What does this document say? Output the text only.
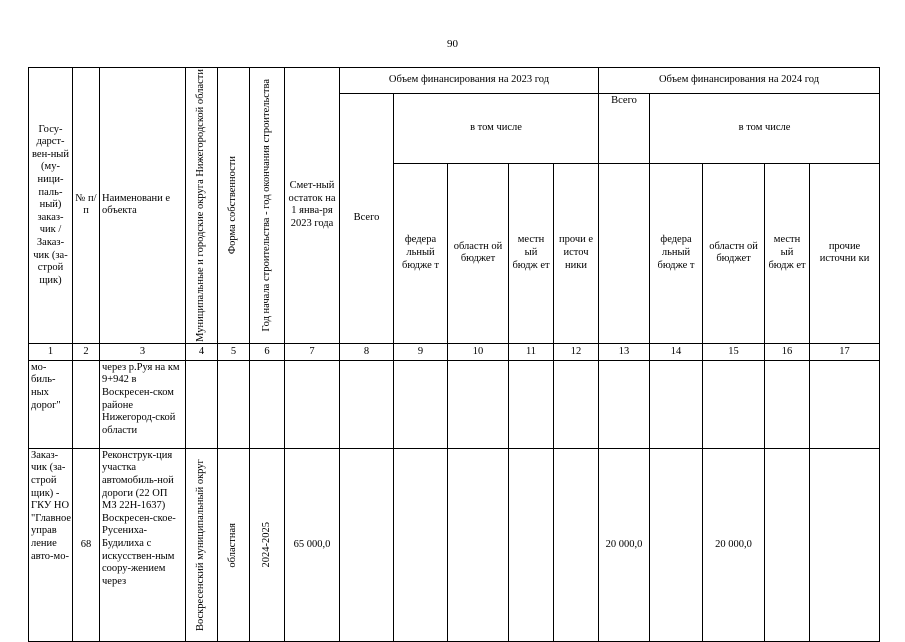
90
Госу-дарст-вен-ный (му-ници-паль-ный) заказ-чик / Заказ-чик (за-строй щик)	№ п/п	Наименовани е объекта	Муниципальные и городские округа Нижегородской области	Форма собственности	Год начала строительства - год окончания строительства	Смет-ный остаток на 1 янва-ря 2023 года	Объем финансирования на 2023 год					Объем финансирования на 2024 год				
							Всего	в том числе				Всего	в том числе			
								федера льный бюдже т	областн ой бюджет	местн ый бюдж ет	прочи е источ ники		федера льный бюдже т	областн ой бюджет	местн ый бюдж ет	прочие источни ки
1	2	3	4	5	6	7	8	9	10	11	12	13	14	15	16	17
мо-биль-ных дорог"		через р.Руя на км 9+942 в Воскресен-ском районе Нижегород-ской области														
Заказ-чик (за-строй щик) - ГКУ НО "Главное управ ление авто-мо-	68	Реконструк-ция участка автомобиль-ной дороги (22 ОП МЗ 22Н-1637) Воскресен-ское-Русениха-Будилиха с искусствен-ным соору-жением через	Воскресенский муниципальный округ	областная	2024-2025	65 000,0						20 000,0		20 000,0		
